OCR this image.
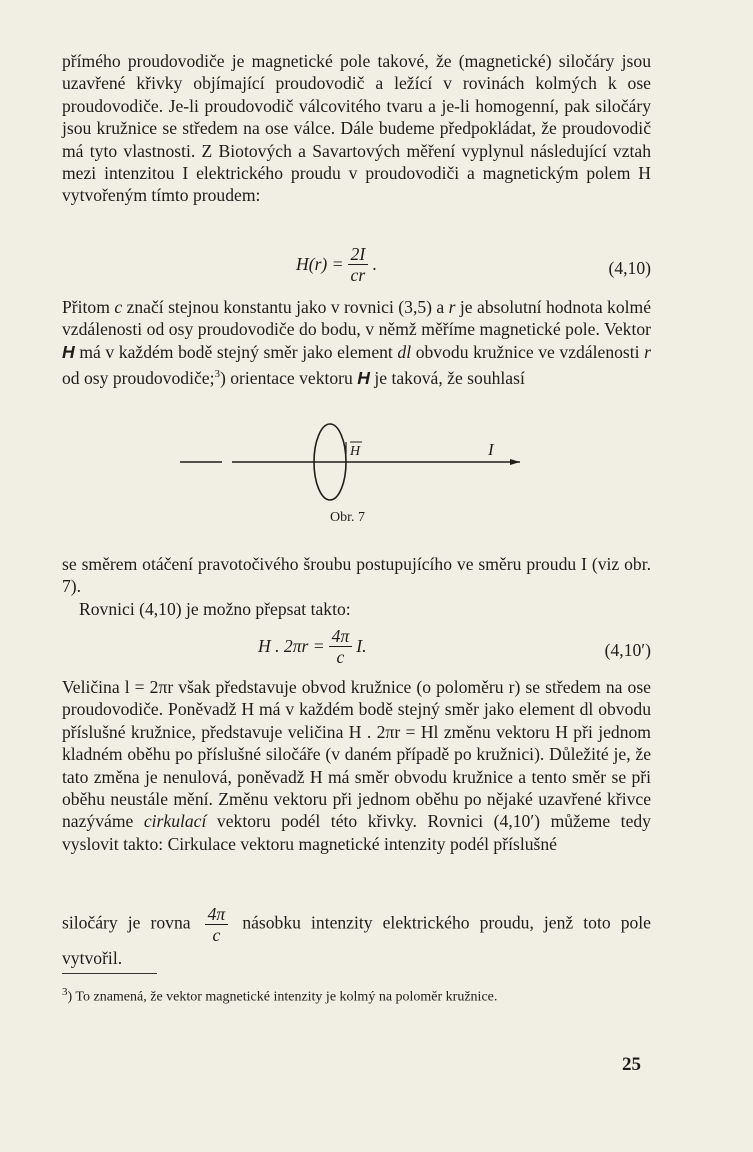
přímého proudovodiče je magnetické pole takové, že (magnetické) siločáry jsou uzavřené křivky objímající proudovodič a ležící v rovinách kolmých k ose proudovodiče. Je-li proudovodič válcovitého tvaru a je-li homogenní, pak siločáry jsou kružnice se středem na ose válce. Dále budeme předpokládat, že proudovodič má tyto vlastnosti. Z Biotových a Savartových měření vyplynul následující vztah mezi intenzitou I elektrického proudu v proudovodiči a magnetickým polem H vytvořeným tímto proudem:

$H(r) = \frac{2I}{cr}$ .	(4,10)

Přitom c značí stejnou konstantu jako v rovnici (3,5) a r je absolutní hodnota kolmé vzdálenosti od osy proudovodiče do bodu, v němž měříme magnetické pole. Vektor H má v každém bodě stejný směr jako element dl obvodu kružnice ve vzdálenosti r od osy proudovodiče;$^3$) orientace vektoru H je taková, že souhlasí

H	I
Obr. 7

se směrem otáčení pravotočivého šroubu postupujícího ve směru proudu I (viz obr. 7).

Rovnici (4,10) je možno přepsat takto:

H . $2\pi r = \frac{4\pi}{c} I$.	(4,10′)

Veličina l = 2πr však představuje obvod kružnice (o poloměru r) se středem na ose proudovodiče. Poněvadž H má v každém bodě stejný směr jako element dl obvodu příslušné kružnice, představuje veličina H . 2πr = Hl změnu vektoru H při jednom kladném oběhu po příslušné siločáře (v daném případě po kružnici). Důležité je, že tato změna je nenulová, poněvadž H má směr obvodu kružnice a tento směr se při oběhu neustále mění. Změnu vektoru při jednom oběhu po nějaké uzavřené křivce nazýváme cirkulací vektoru podél této křivky. Rovnici (4,10′) můžeme tedy vyslovit takto: Cirkulace vektoru magnetické intenzity podél příslušné

siločáry je rovna $\frac{4\pi}{c}$ násobku intenzity elektrického proudu, jenž toto pole vytvořil.

$^3$) To znamená, že vektor magnetické intenzity je kolmý na poloměr kružnice.
25
